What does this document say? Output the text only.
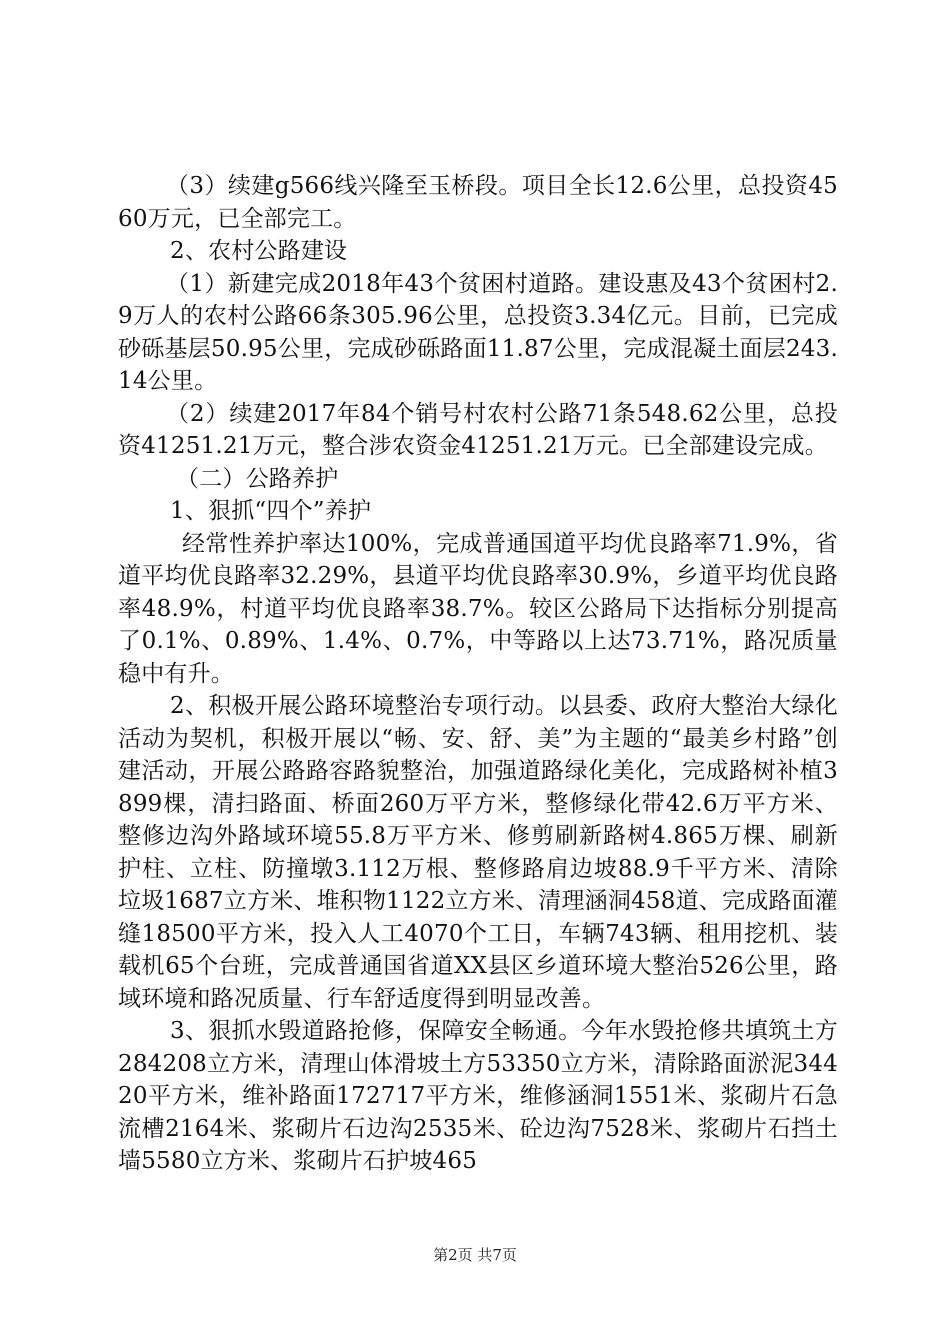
（3）续建g566线兴隆至玉桥段。项目全长12.6公里，总投资4560万元，已全部完工。

2、农村公路建设

（1）新建完成2018年43个贫困村道路。建设惠及43个贫困村2.9万人的农村公路66条305.96公里，总投资3.34亿元。目前，已完成砂砾基层50.95公里，完成砂砾路面11.87公里，完成混凝土面层243.14公里。

（2）续建2017年84个销号村农村公路71条548.62公里，总投资41251.21万元，整合涉农资金41251.21万元。已全部建设完成。

（二）公路养护

1、狠抓“四个”养护

经常性养护率达100%，完成普通国道平均优良路率71.9%，省道平均优良路率32.29%，县道平均优良路率30.9%，乡道平均优良路率48.9%，村道平均优良路率38.7%。较区公路局下达指标分别提高了0.1%、0.89%、1.4%、0.7%，中等路以上达73.71%，路况质量稳中有升。

2、积极开展公路环境整治专项行动。以县委、政府大整治大绿化活动为契机，积极开展以“畅、安、舒、美”为主题的“最美乡村路”创建活动，开展公路路容路貌整治，加强道路绿化美化，完成路树补植3899棵，清扫路面、桥面260万平方米，整修绿化带42.6万平方米、整修边沟外路域环境55.8万平方米、修剪刷新路树4.865万棵、刷新护柱、立柱、防撞墩3.112万根、整修路肩边坡88.9千平方米、清除垃圾1687立方米、堆积物1122立方米、清理涵洞458道、完成路面灌缝18500平方米，投入人工4070个工日，车辆743辆、租用挖机、装载机65个台班，完成普通国省道XX县区乡道环境大整治526公里，路域环境和路况质量、行车舒适度得到明显改善。

3、狠抓水毁道路抢修，保障安全畅通。今年水毁抢修共填筑土方284208立方米，清理山体滑坡土方53350立方米，清除路面淤泥34420平方米，维补路面172717平方米，维修涵洞1551米、浆砌片石急流槽2164米、浆砌片石边沟2535米、砼边沟7528米、浆砌片石挡土墙5580立方米、浆砌片石护坡465

第2页 共7页
